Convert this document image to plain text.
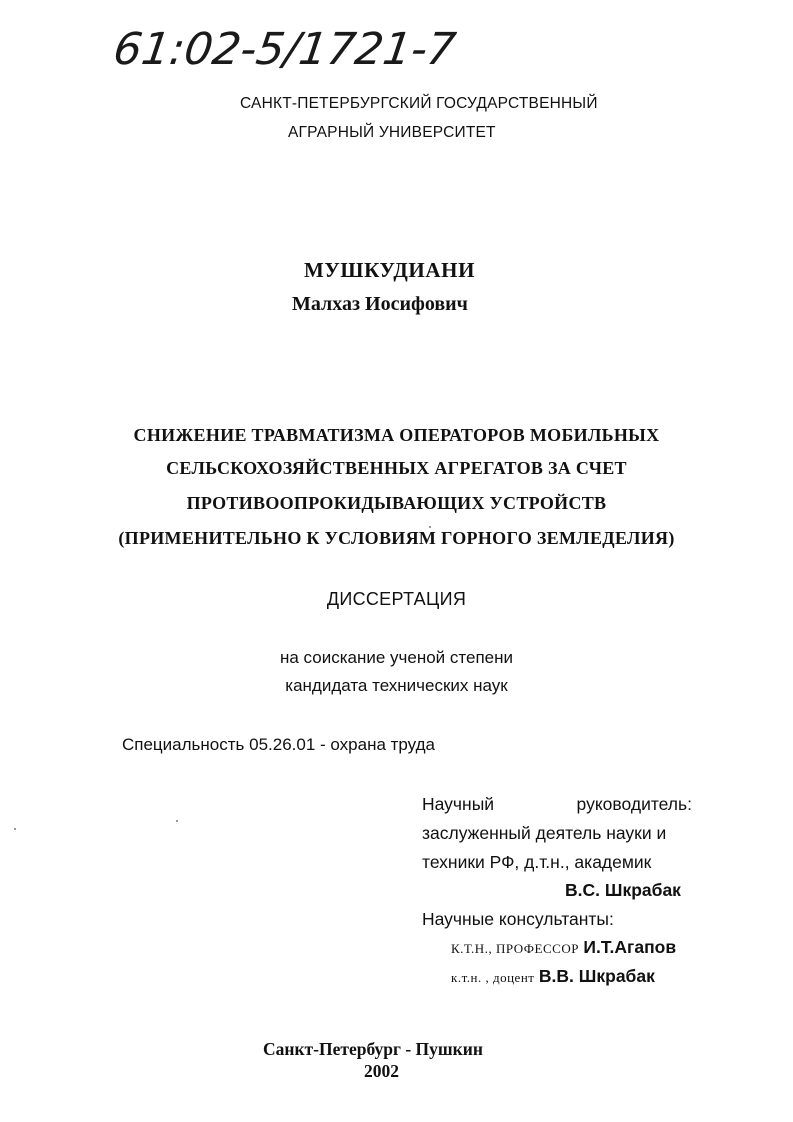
61:02-5/1721-7
САНКТ-ПЕТЕРБУРГСКИЙ ГОСУДАРСТВЕННЫЙ
АГРАРНЫЙ УНИВЕРСИТЕТ
МУШКУДИАНИ
Малхаз Иосифович
СНИЖЕНИЕ ТРАВМАТИЗМА ОПЕРАТОРОВ МОБИЛЬНЫХ
СЕЛЬСКОХОЗЯЙСТВЕННЫХ АГРЕГАТОВ ЗА СЧЕТ
ПРОТИВООПРОКИДЫВАЮЩИХ УСТРОЙСТВ
(ПРИМЕНИТЕЛЬНО К УСЛОВИЯМ ГОРНОГО ЗЕМЛЕДЕЛИЯ)
ДИССЕРТАЦИЯ
на соискание ученой степени
кандидата технических наук
Специальность 05.26.01 - охрана труда
Научный	руководитель:
заслуженный деятель науки и
техники РФ, д.т.н., академик
В.С. Шкрабак
Научные консультанты:
К.Т.Н., ПРОФЕССОР И.Т.Агапов
к.т.н. , доцент В.В. Шкрабак
Санкт-Петербург - Пушкин
2002
